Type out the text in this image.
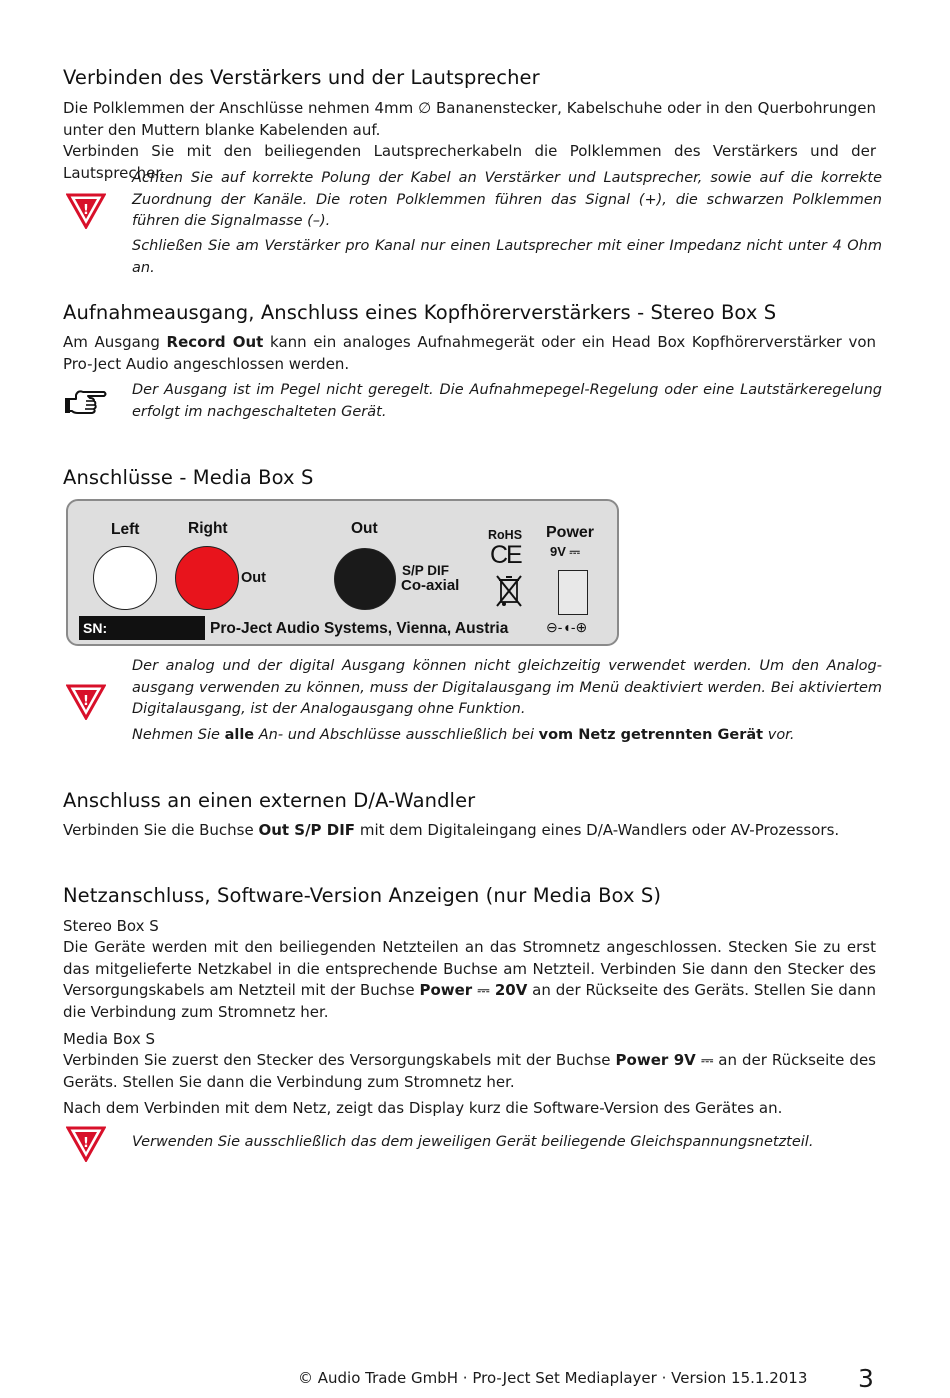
Verbinden des Verstärkers und der Lautsprecher

Die Polklemmen der Anschlüsse nehmen 4mm ∅ Bananenstecker, Kabelschuhe oder in den Querbohrungen unter den Muttern blanke Kabelenden auf.

Verbinden Sie mit den beiliegenden Lautsprecherkabeln die Polklemmen des Verstärkers und der Lautsprecher.

!

Achten Sie auf korrekte Polung der Kabel an Verstärker und Lautsprecher, sowie auf die korrekte Zuordnung der Kanäle. Die roten Polklemmen führen das Signal (+), die schwarzen Polklemmen führen die Signalmasse (–).

Schließen Sie am Verstärker pro Kanal nur einen Lautsprecher mit einer Impedanz nicht unter 4 Ohm an.

Aufnahmeausgang, Anschluss eines Kopfhörerverstärkers - Stereo Box S

Am Ausgang Record Out kann ein analoges Aufnahmegerät oder ein Head Box Kopfhörerverstärker von Pro-Ject Audio angeschlossen werden.

Der Ausgang ist im Pegel nicht geregelt. Die Aufnahmepegel-Regelung oder eine Lautstärkeregelung erfolgt im nachgeschalteten Gerät.

Anschlüsse - Media Box S
Left	Right
Out
Out
S/P DIF
Co-axial
RoHS
CE
Power
9V ⎓
⊖-◖-⊕
SN:	Pro-Ject Audio Systems, Vienna, Austria
!

Der analog und der digital Ausgang können nicht gleichzeitig verwendet werden. Um den Analog-ausgang verwenden zu können, muss der Digitalausgang im Menü deaktiviert werden. Bei aktiviertem Digitalausgang, ist der Analogausgang ohne Funktion.

Nehmen Sie alle An- und Abschlüsse ausschließlich bei vom Netz getrennten Gerät vor.

Anschluss an einen externen D/A-Wandler

Verbinden Sie die Buchse Out S/P DIF mit dem Digitaleingang eines D/A-Wandlers oder AV-Prozessors.

Netzanschluss, Software-Version Anzeigen (nur Media Box S)
Stereo Box S

Die Geräte werden mit den beiliegenden Netzteilen an das Stromnetz angeschlossen. Stecken Sie zu erst das mitgelieferte Netzkabel in die entsprechende Buchse am Netzteil. Verbinden Sie dann den Stecker des Versorgungskabels am Netzteil mit der Buchse Power ⎓ 20V an der Rückseite des Geräts. Stellen Sie dann die Verbindung zum Stromnetz her.

Media Box S

Verbinden Sie zuerst den Stecker des Versorgungskabels mit der Buchse Power 9V ⎓ an der Rückseite des Geräts. Stellen Sie dann die Verbindung zum Stromnetz her.

Nach dem Verbinden mit dem Netz, zeigt das Display kurz die Software-Version des Gerätes an.

!	Verwenden Sie ausschließlich das dem jeweiligen Gerät beiliegende Gleichspannungsnetzteil.

© Audio Trade GmbH · Pro-Ject Set Mediaplayer · Version 15.1.2013 3
